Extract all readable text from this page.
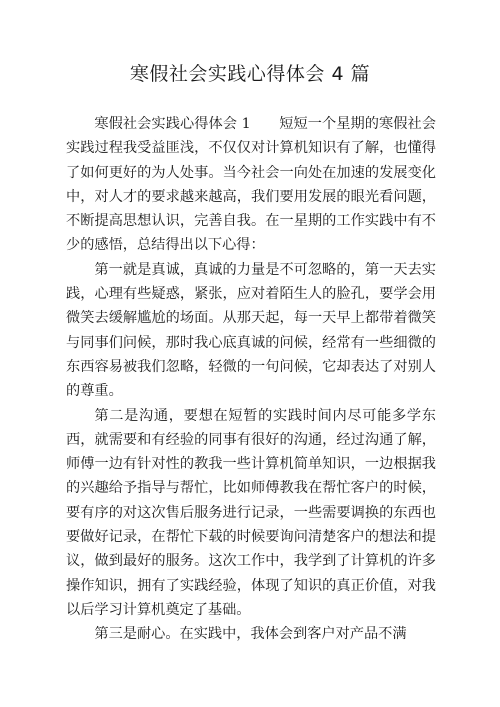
寒假社会实践心得体会 4 篇

寒假社会实践心得体会 1　　短短一个星期的寒假社会实践过程我受益匪浅，不仅仅对计算机知识有了解，也懂得了如何更好的为人处事。当今社会一向处在加速的发展变化中，对人才的要求越来越高，我们要用发展的眼光看问题，不断提高思想认识，完善自我。在一星期的工作实践中有不少的感悟，总结得出以下心得：

第一就是真诚，真诚的力量是不可忽略的，第一天去实践，心理有些疑惑，紧张，应对着陌生人的脸孔，要学会用微笑去缓解尴尬的场面。从那天起，每一天早上都带着微笑与同事们问候，那时我心底真诚的问候，经常有一些细微的东西容易被我们忽略，轻微的一句问候，它却表达了对别人的尊重。

第二是沟通，要想在短暂的实践时间内尽可能多学东西，就需要和有经验的同事有很好的沟通，经过沟通了解，师傅一边有针对性的教我一些计算机简单知识，一边根据我的兴趣给予指导与帮忙，比如师傅教我在帮忙客户的时候，要有序的对这次售后服务进行记录，一些需要调换的东西也要做好记录，在帮忙下载的时候要询问清楚客户的想法和提议，做到最好的服务。这次工作中，我学到了计算机的许多操作知识，拥有了实践经验，体现了知识的真正价值，对我以后学习计算机奠定了基础。

第三是耐心。在实践中，我体会到客户对产品不满
